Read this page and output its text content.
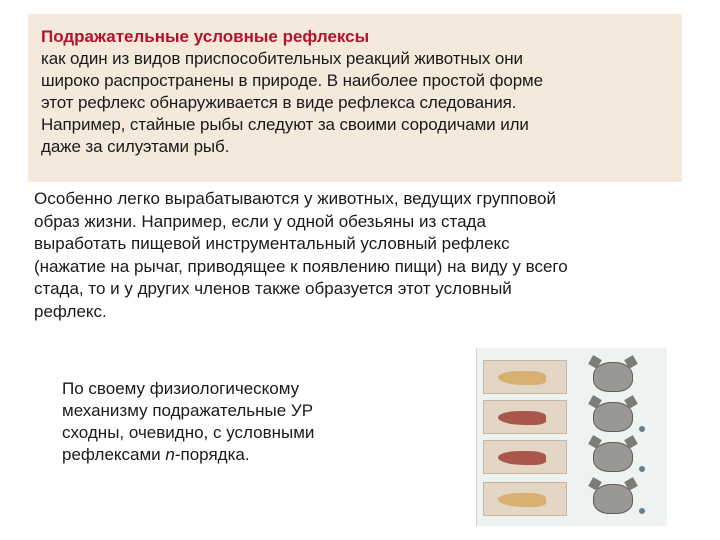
Подражательные условные рефлексы
как один из видов приспособительных реакций животных они
широко распространены в природе. В наиболее простой форме
этот рефлекс обнаруживается в виде рефлекса следования.
Например, стайные рыбы следуют за своими сородичами или
даже за силуэтами рыб.
Особенно легко вырабатываются у животных, ведущих групповой
образ жизни. Например, если у одной обезьяны из стада
выработать пищевой инструментальный условный рефлекс
(нажатие на рычаг, приводящее к появлению пищи) на виду у всего
стада, то и у других членов также образуется этот условный
рефлекс.
По своему физиологическому
механизму подражательные УР
сходны, очевидно, с условными
рефлексами n-порядка.
